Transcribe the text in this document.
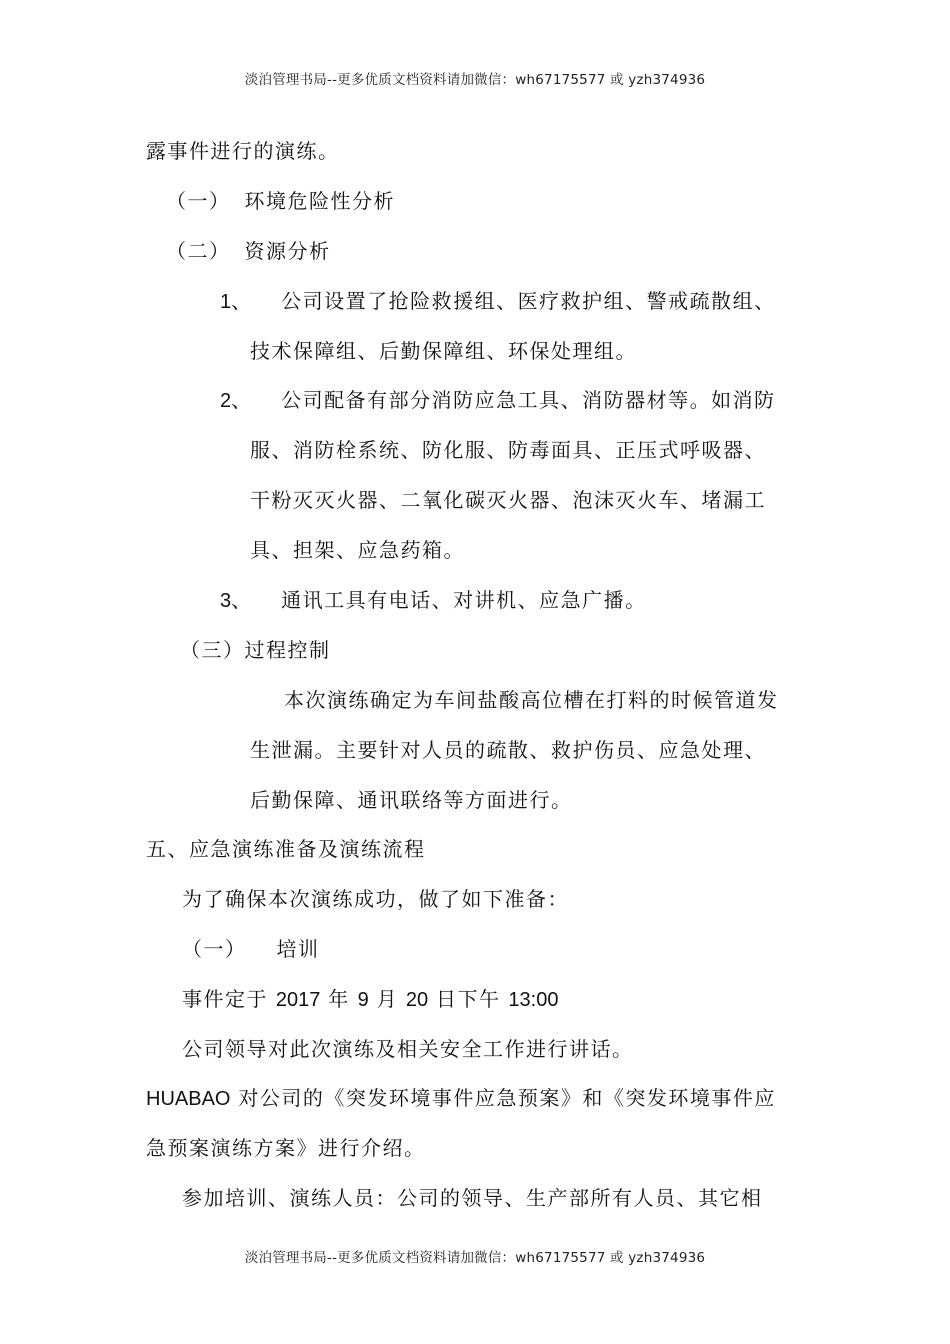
淡泊管理书局--更多优质文档资料请加微信：wh67175577 或 yzh374936
露事件进行的演练。
（一） 环境危险性分析
（二） 资源分析
1、 公司设置了抢险救援组、医疗救护组、警戒疏散组、
技术保障组、后勤保障组、环保处理组。
2、 公司配备有部分消防应急工具、消防器材等。如消防
服、消防栓系统、防化服、防毒面具、正压式呼吸器、
干粉灭灭火器、二氧化碳灭火器、泡沫灭火车、堵漏工
具、担架、应急药箱。
3、 通讯工具有电话、对讲机、应急广播。
（三）过程控制
本次演练确定为车间盐酸高位槽在打料的时候管道发
生泄漏。主要针对人员的疏散、救护伤员、应急处理、
后勤保障、通讯联络等方面进行。
五、应急演练准备及演练流程
为了确保本次演练成功，做了如下准备：
（一） 培训
事件定于 2017 年 9 月 20 日下午 13:00
公司领导对此次演练及相关安全工作进行讲话。
HUABAO 对公司的《突发环境事件应急预案》和《突发环境事件应
急预案演练方案》进行介绍。
参加培训、演练人员：公司的领导、生产部所有人员、其它相
淡泊管理书局--更多优质文档资料请加微信：wh67175577 或 yzh374936
